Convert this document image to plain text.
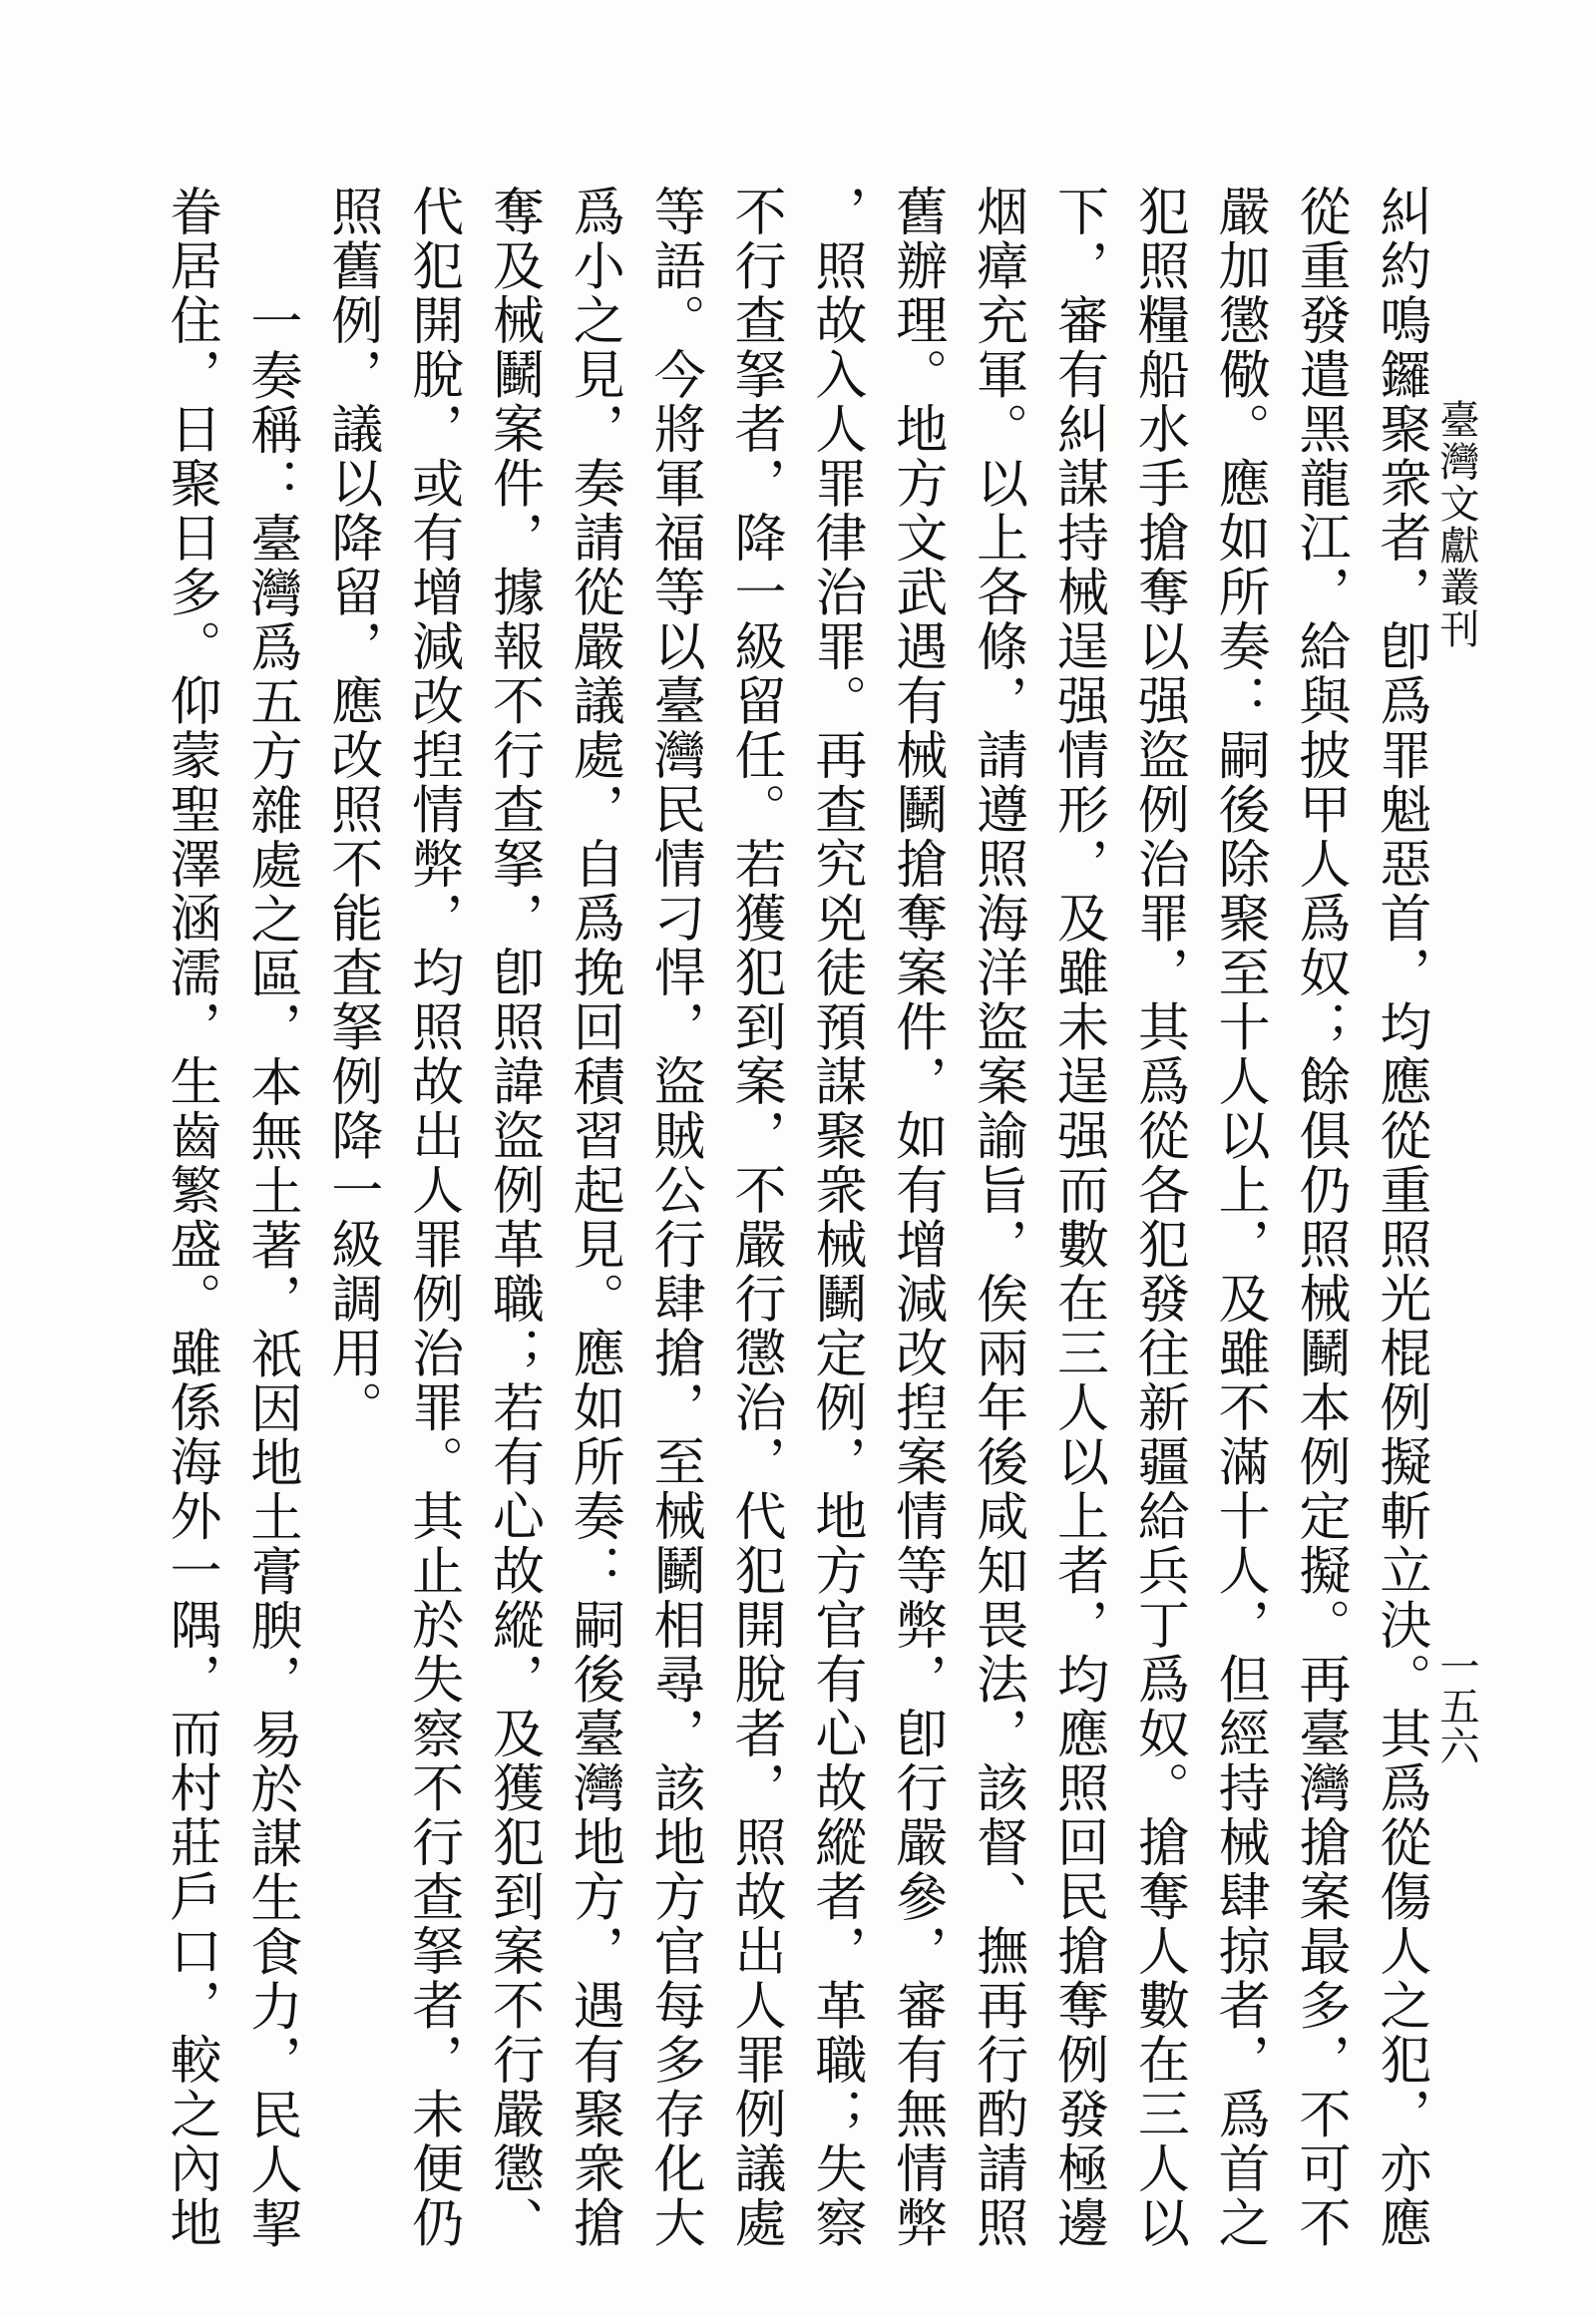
臺灣文獻叢刊
一五六
糾約鳴鑼聚衆者，卽爲罪魁惡首，均應從重照光棍例擬斬立決。其爲從傷人之犯，亦應
從重發遣黑龍江，給與披甲人爲奴；餘俱仍照械鬭本例定擬。再臺灣搶案最多，不可不
嚴加懲儆。應如所奏：嗣後除聚至十人以上，及雖不滿十人，但經持械肆掠者，爲首之
犯照糧船水手搶奪以强盜例治罪，其爲從各犯發往新疆給兵丁爲奴。搶奪人數在三人以
下，審有糾謀持械逞强情形，及雖未逞强而數在三人以上者，均應照回民搶奪例發極邊
烟瘴充軍。以上各條，請遵照海洋盜案諭旨，俟兩年後咸知畏法，該督、撫再行酌請照
舊辦理。地方文武遇有械鬭搶奪案件，如有增減改揑案情等弊，卽行嚴參，審有無情弊
，照故入人罪律治罪。再查究兇徒預謀聚衆械鬭定例，地方官有心故縱者，革職；失察
不行查拏者，降一級留任。若獲犯到案，不嚴行懲治，代犯開脫者，照故出人罪例議處
等語。今將軍福等以臺灣民情刁悍，盜賊公行肆搶，至械鬭相尋，該地方官每多存化大
爲小之見，奏請從嚴議處，自爲挽回積習起見。應如所奏：嗣後臺灣地方，遇有聚衆搶
奪及械鬭案件，據報不行查拏，卽照諱盜例革職；若有心故縱，及獲犯到案不行嚴懲、
代犯開脫，或有增減改揑情弊，均照故出人罪例治罪。其止於失察不行查拏者，未便仍
照舊例，議以降留，應改照不能査拏例降一級調用。
一奏稱：臺灣爲五方雜處之區，本無土著，祇因地土膏腴，易於謀生食力，民人挈
眷居住，日聚日多。仰蒙聖澤涵濡，生齒繁盛。雖係海外一隅，而村莊戶口，較之內地
